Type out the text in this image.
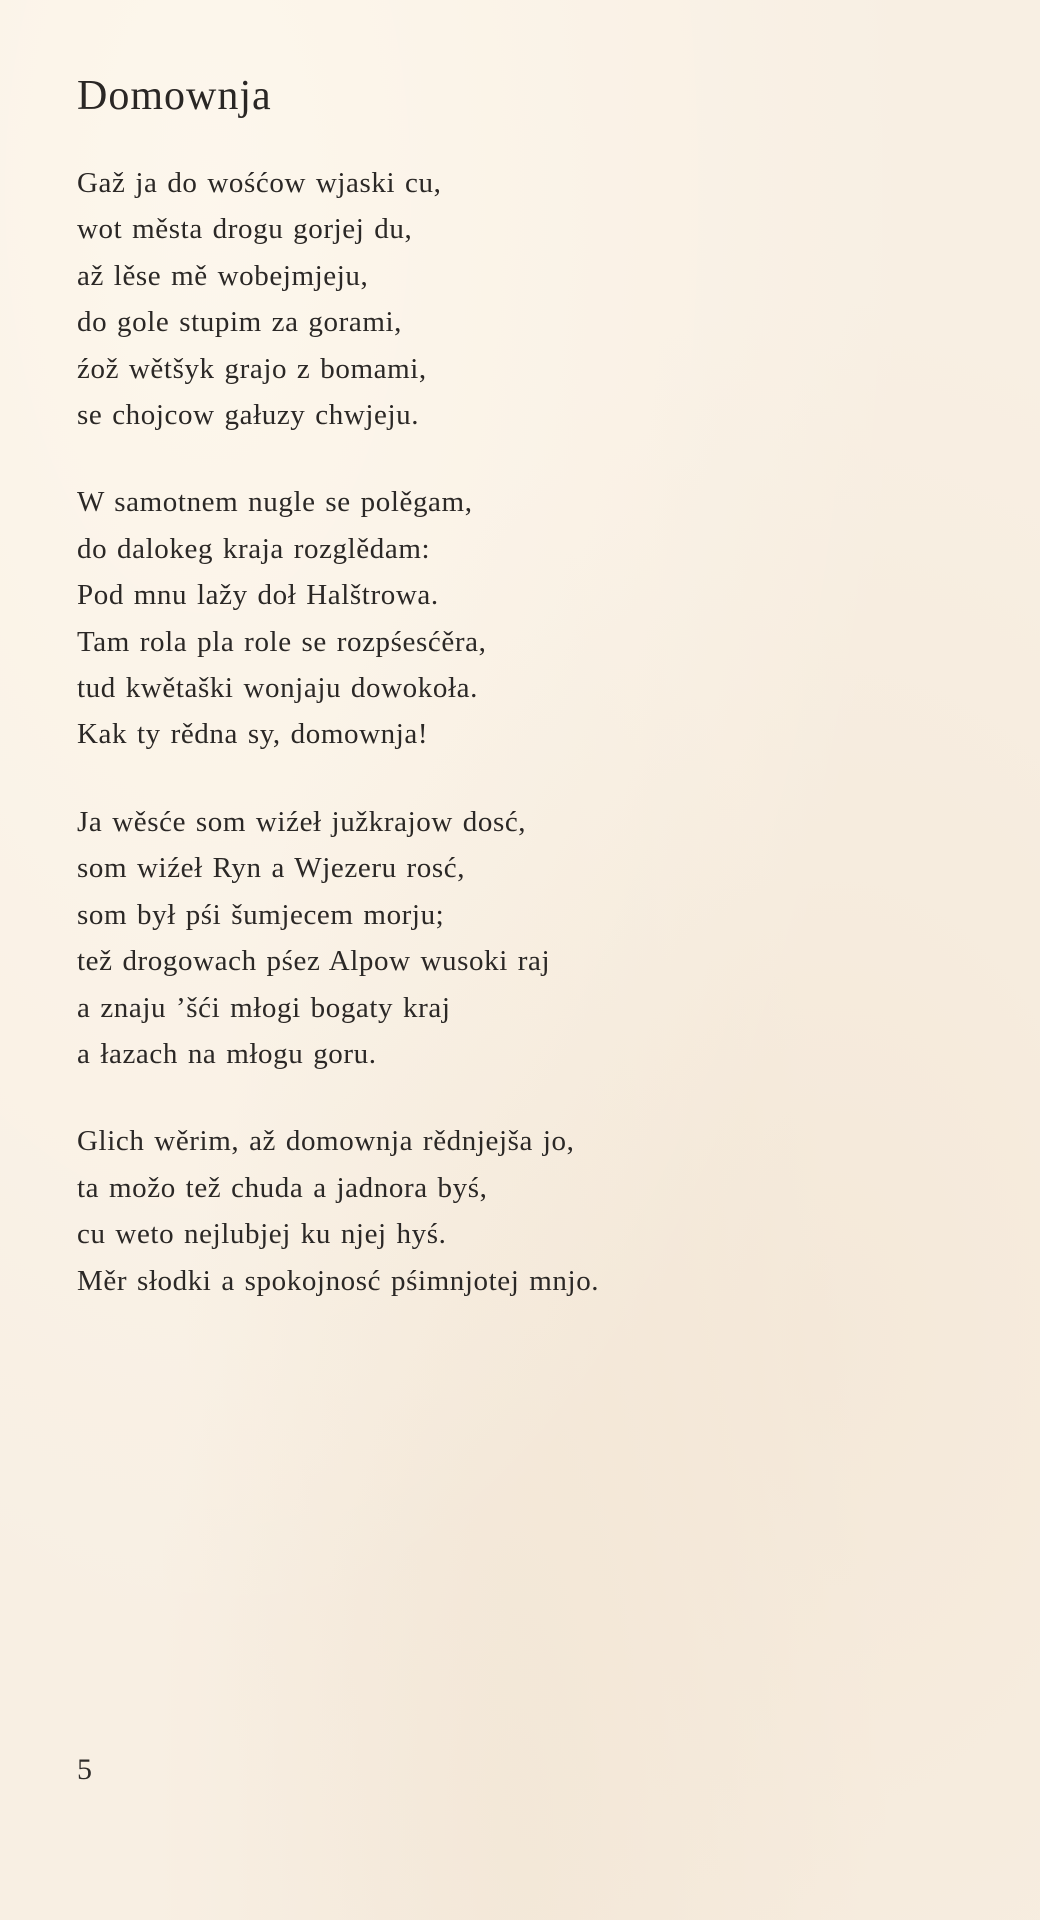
Domownja

Gaž ja do wośćow wjaski cu,
wot města drogu gorjej du,
až lěse mě wobejmjeju,
do gole stupim za gorami,
źož wětšyk grajo z bomami,
se chojcow gałuzy chwjeju.

W samotnem nugle se polěgam,
do dalokeg kraja rozglědam:
Pod mnu lažy doł Halštrowa.
Tam rola pla role se rozpśesćěra,
tud kwětaški wonjaju dowokoła.
Kak ty rědna sy, domownja!

Ja wěsće som wiźeł južkrajow dosć,
som wiźeł Ryn a Wjezeru rosć,
som był pśi šumjecem morju;
tež drogowach pśez Alpow wusoki raj
a znaju ’šći młogi bogaty kraj
a łazach na młogu goru.

Glich wěrim, až domownja rědnjejša jo,
ta možo tež chuda a jadnora byś,
cu weto nejlubjej ku njej hyś.
Měr słodki a spokojnosć pśimnjotej mnjo.

5
